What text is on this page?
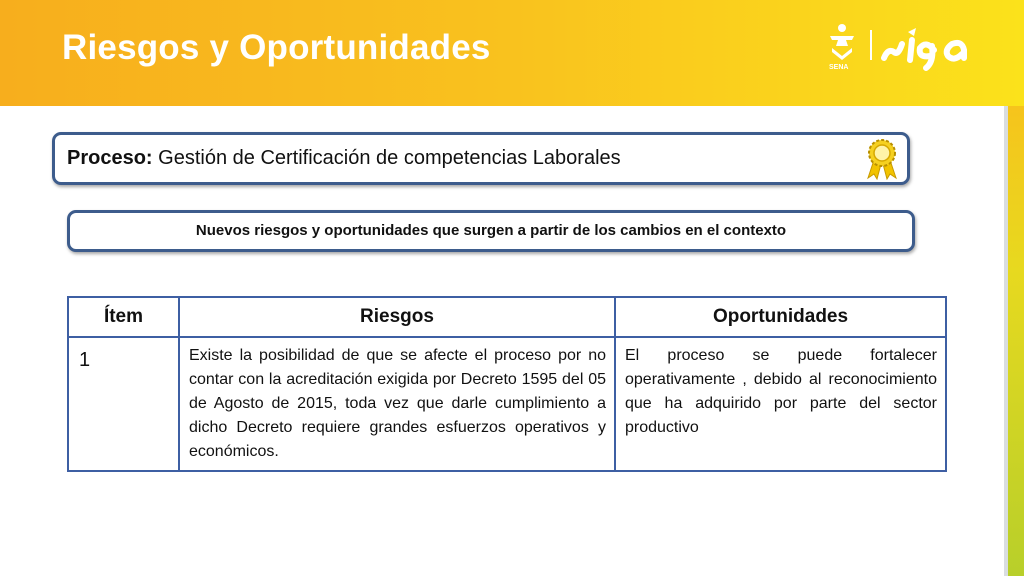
Riesgos y Oportunidades
SENA
Proceso: Gestión de Certificación de competencias Laborales
Nuevos riesgos y oportunidades que surgen a partir de los cambios en el contexto
Ítem	Riesgos	Oportunidades
1	Existe la posibilidad de que se afecte el proceso por no contar con la acreditación exigida por Decreto 1595 del 05 de Agosto de 2015, toda vez que darle cumplimiento a dicho Decreto requiere grandes esfuerzos operativos y económicos.	El proceso se puede fortalecer operativamente , debido al reconocimiento que ha adquirido por parte del sector productivo
